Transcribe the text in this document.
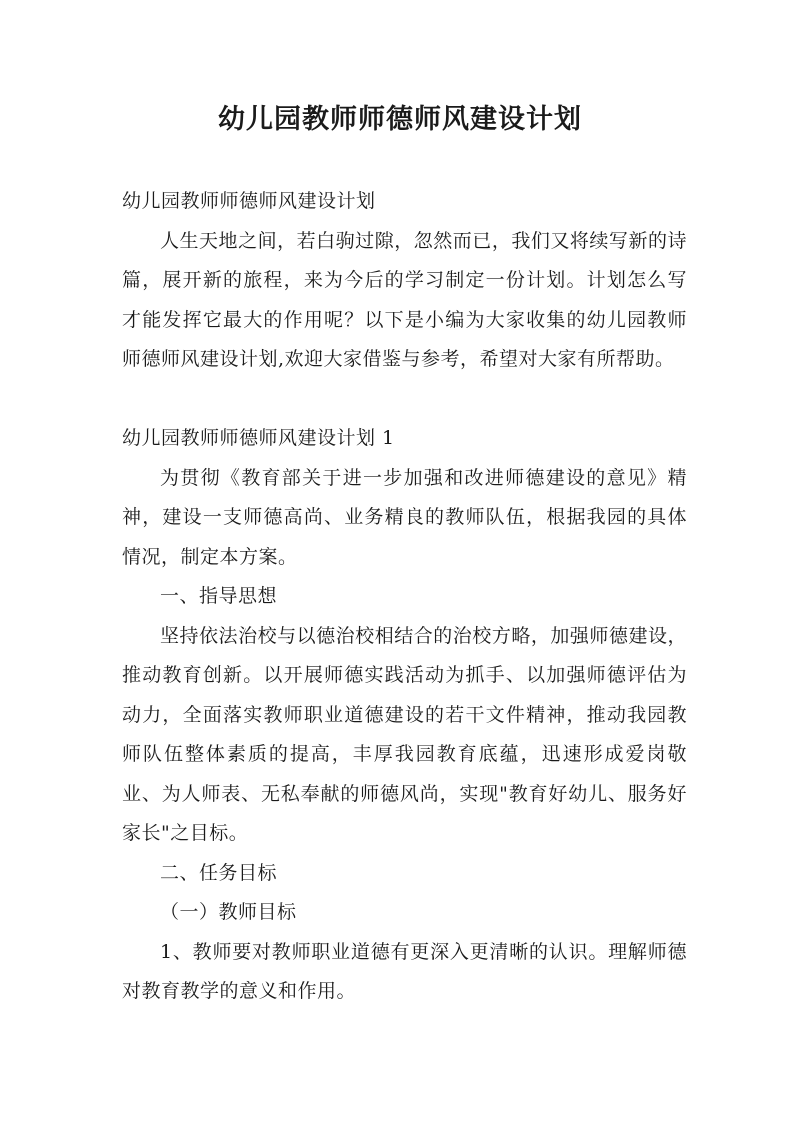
幼儿园教师师德师风建设计划

幼儿园教师师德师风建设计划

人生天地之间，若白驹过隙，忽然而已，我们又将续写新的诗篇，展开新的旅程，来为今后的学习制定一份计划。计划怎么写才能发挥它最大的作用呢？以下是小编为大家收集的幼儿园教师师德师风建设计划,欢迎大家借鉴与参考，希望对大家有所帮助。

幼儿园教师师德师风建设计划 1

为贯彻《教育部关于进一步加强和改进师德建设的意见》精神，建设一支师德高尚、业务精良的教师队伍，根据我园的具体情况，制定本方案。

一、指导思想

坚持依法治校与以德治校相结合的治校方略，加强师德建设，推动教育创新。以开展师德实践活动为抓手、以加强师德评估为动力，全面落实教师职业道德建设的若干文件精神，推动我园教师队伍整体素质的提高，丰厚我园教育底蕴，迅速形成爱岗敬业、为人师表、无私奉献的师德风尚，实现"教育好幼儿、服务好家长"之目标。

二、任务目标

（一）教师目标

1、教师要对教师职业道德有更深入更清晰的认识。理解师德对教育教学的意义和作用。
